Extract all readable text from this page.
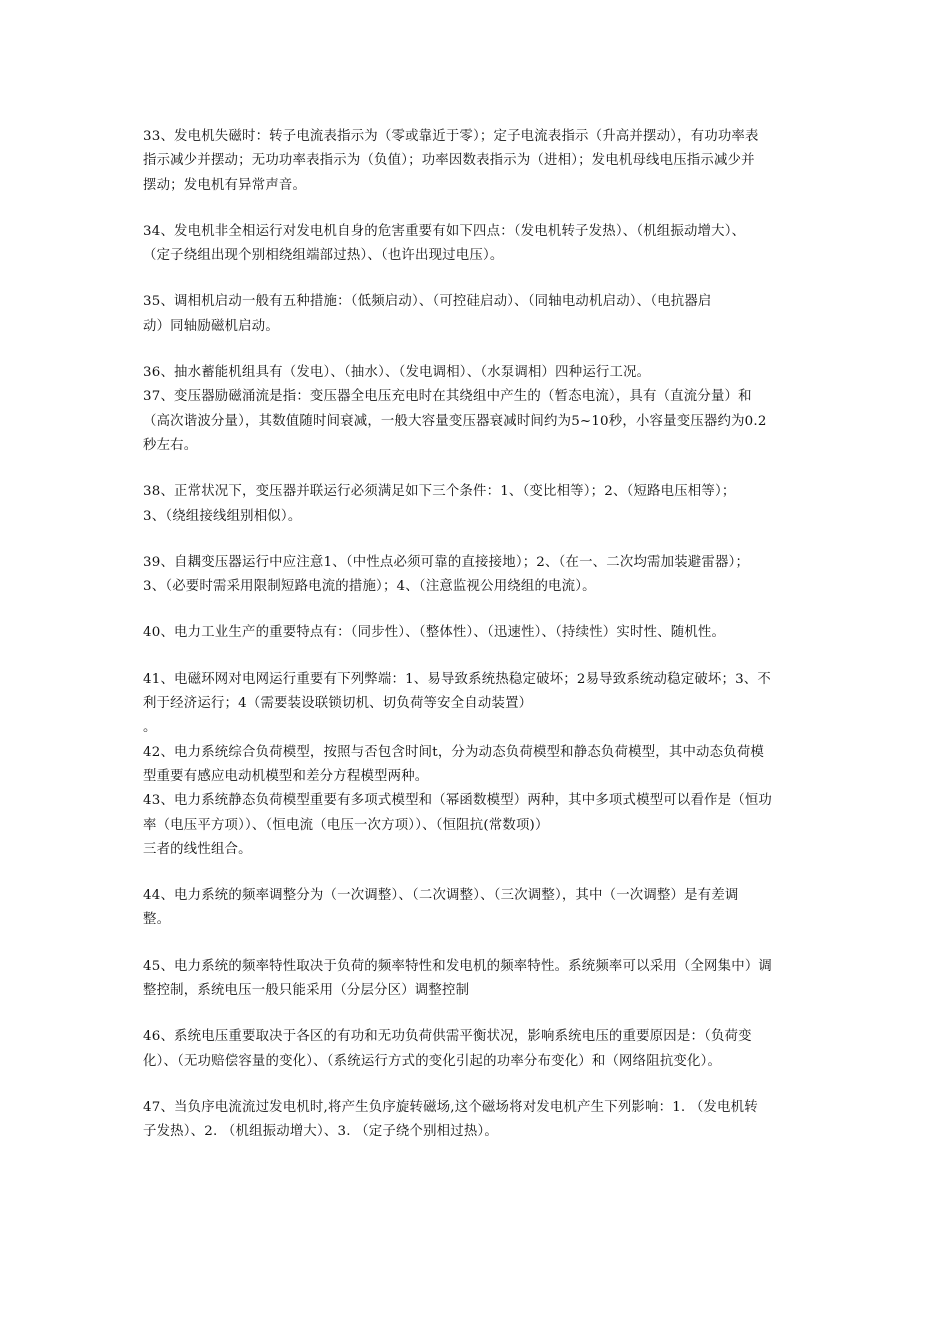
33、发电机失磁时：转子电流表指示为（零或靠近于零）；定子电流表指示（升高并摆动），有功功率表
指示减少并摆动；无功功率表指示为（负值）；功率因数表指示为（进相）；发电机母线电压指示减少并
摆动；发电机有异常声音。

34、发电机非全相运行对发电机自身的危害重要有如下四点：（发电机转子发热）、（机组振动增大）、
（定子绕组出现个别相绕组端部过热）、（也许出现过电压）。

35、调相机启动一般有五种措施：（低频启动）、（可控硅启动）、（同轴电动机启动）、（电抗器启
动）同轴励磁机启动。

36、抽水蓄能机组具有（发电）、（抽水）、（发电调相）、（水泵调相）四种运行工况。

37、变压器励磁涌流是指：变压器全电压充电时在其绕组中产生的（暂态电流），具有（直流分量）和
（高次谐波分量），其数值随时间衰减，一般大容量变压器衰减时间约为5~10秒，小容量变压器约为0.2
秒左右。

38、正常状况下，变压器并联运行必须满足如下三个条件：1、（变比相等）；2、（短路电压相等）；
3、（绕组接线组别相似）。

39、自耦变压器运行中应注意1、（中性点必须可靠的直接接地）；2、（在一、二次均需加装避雷器）；
3、（必要时需采用限制短路电流的措施）；4、（注意监视公用绕组的电流）。

40、电力工业生产的重要特点有：（同步性）、（整体性）、（迅速性）、（持续性）实时性、随机性。

41、电磁环网对电网运行重要有下列弊端：1、易导致系统热稳定破坏；2易导致系统动稳定破坏；3、不
利于经济运行；4（需要装设联锁切机、切负荷等安全自动装置）
。

42、电力系统综合负荷模型，按照与否包含时间t，分为动态负荷模型和静态负荷模型，其中动态负荷模
型重要有感应电动机模型和差分方程模型两种。

43、电力系统静态负荷模型重要有多项式模型和（幂函数模型）两种，其中多项式模型可以看作是（恒功
率（电压平方项））、（恒电流（电压一次方项））、（恒阻抗(常数项)）
三者的线性组合。

44、电力系统的频率调整分为（一次调整）、（二次调整）、（三次调整），其中（一次调整）是有差调
整。

45、电力系统的频率特性取决于负荷的频率特性和发电机的频率特性。系统频率可以采用（全网集中）调
整控制，系统电压一般只能采用（分层分区）调整控制

46、系统电压重要取决于各区的有功和无功负荷供需平衡状况，影响系统电压的重要原因是：（负荷变
化）、（无功赔偿容量的变化）、（系统运行方式的变化引起的功率分布变化）和（网络阻抗变化）。

47、当负序电流流过发电机时,将产生负序旋转磁场,这个磁场将对发电机产生下列影响：1. （发电机转
子发热）、2. （机组振动增大）、3. （定子绕个别相过热）。
